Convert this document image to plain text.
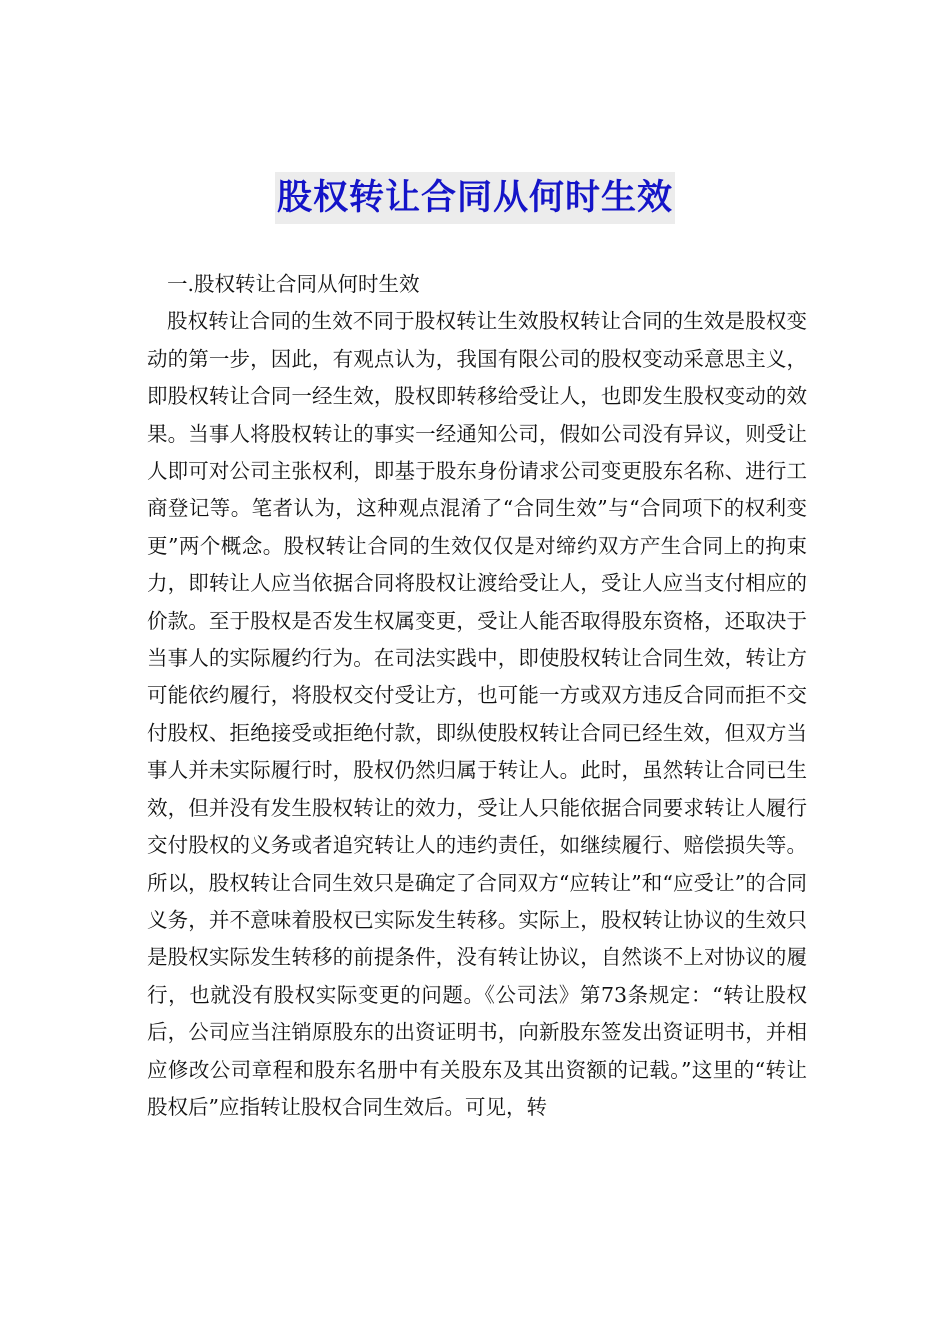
股权转让合同从何时生效

一.股权转让合同从何时生效

股权转让合同的生效不同于股权转让生效股权转让合同的生效是股权变动的第一步，因此，有观点认为，我国有限公司的股权变动采意思主义，即股权转让合同一经生效，股权即转移给受让人，也即发生股权变动的效果。当事人将股权转让的事实一经通知公司，假如公司没有异议，则受让人即可对公司主张权利，即基于股东身份请求公司变更股东名称、进行工商登记等。笔者认为，这种观点混淆了“合同生效”与“合同项下的权利变更”两个概念。股权转让合同的生效仅仅是对缔约双方产生合同上的拘束力，即转让人应当依据合同将股权让渡给受让人，受让人应当支付相应的价款。至于股权是否发生权属变更，受让人能否取得股东资格，还取决于当事人的实际履约行为。在司法实践中，即使股权转让合同生效，转让方可能依约履行，将股权交付受让方，也可能一方或双方违反合同而拒不交付股权、拒绝接受或拒绝付款，即纵使股权转让合同已经生效，但双方当事人并未实际履行时，股权仍然归属于转让人。此时，虽然转让合同已生效，但并没有发生股权转让的效力，受让人只能依据合同要求转让人履行交付股权的义务或者追究转让人的违约责任，如继续履行、赔偿损失等。所以，股权转让合同生效只是确定了合同双方“应转让”和“应受让”的合同义务，并不意味着股权已实际发生转移。实际上，股权转让协议的生效只是股权实际发生转移的前提条件，没有转让协议，自然谈不上对协议的履行，也就没有股权实际变更的问题。《公司法》第73条规定：“转让股权后，公司应当注销原股东的出资证明书，向新股东签发出资证明书，并相应修改公司章程和股东名册中有关股东及其出资额的记载。”这里的“转让股权后”应指转让股权合同生效后。可见，转
